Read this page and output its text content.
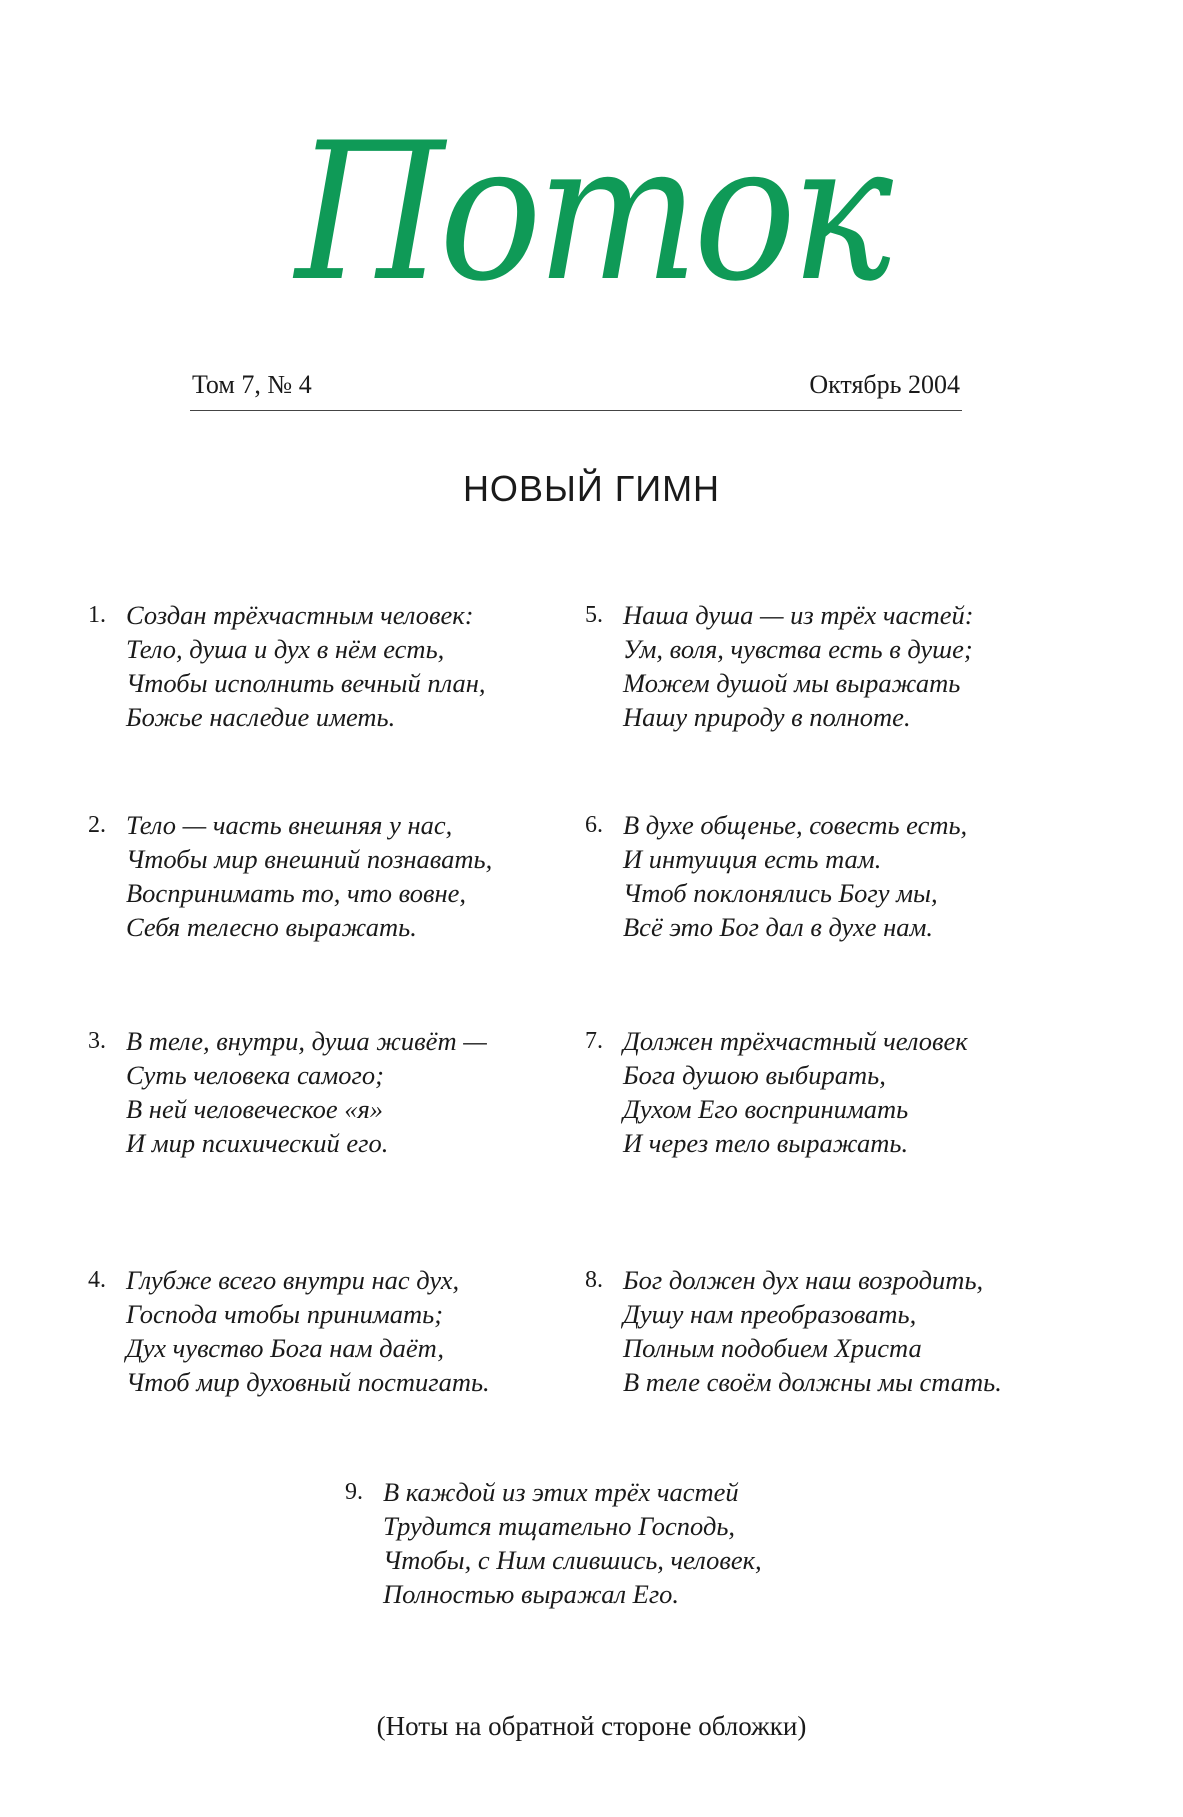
Поток
Том 7, № 4	Октябрь 2004
НОВЫЙ ГИМН
1. Создан трёхчастным человек:
Тело, душа и дух в нём есть,
Чтобы исполнить вечный план,
Божье наследие иметь.
2. Тело — часть внешняя у нас,
Чтобы мир внешний познавать,
Воспринимать то, что вовне,
Себя телесно выражать.
3. В теле, внутри, душа живёт —
Суть человека самого;
В ней человеческое «я»
И мир психический его.
4. Глубже всего внутри нас дух,
Господа чтобы принимать;
Дух чувство Бога нам даёт,
Чтоб мир духовный постигать.
5. Наша душа — из трёх частей:
Ум, воля, чувства есть в душе;
Можем душой мы выражать
Нашу природу в полноте.
6. В духе общенье, совесть есть,
И интуиция есть там.
Чтоб поклонялись Богу мы,
Всё это Бог дал в духе нам.
7. Должен трёхчастный человек
Бога душою выбирать,
Духом Его воспринимать
И через тело выражать.
8. Бог должен дух наш возродить,
Душу нам преобразовать,
Полным подобием Христа
В теле своём должны мы стать.
9. В каждой из этих трёх частей
Трудится тщательно Господь,
Чтобы, с Ним слившись, человек,
Полностью выражал Его.
(Ноты на обратной стороне обложки)
